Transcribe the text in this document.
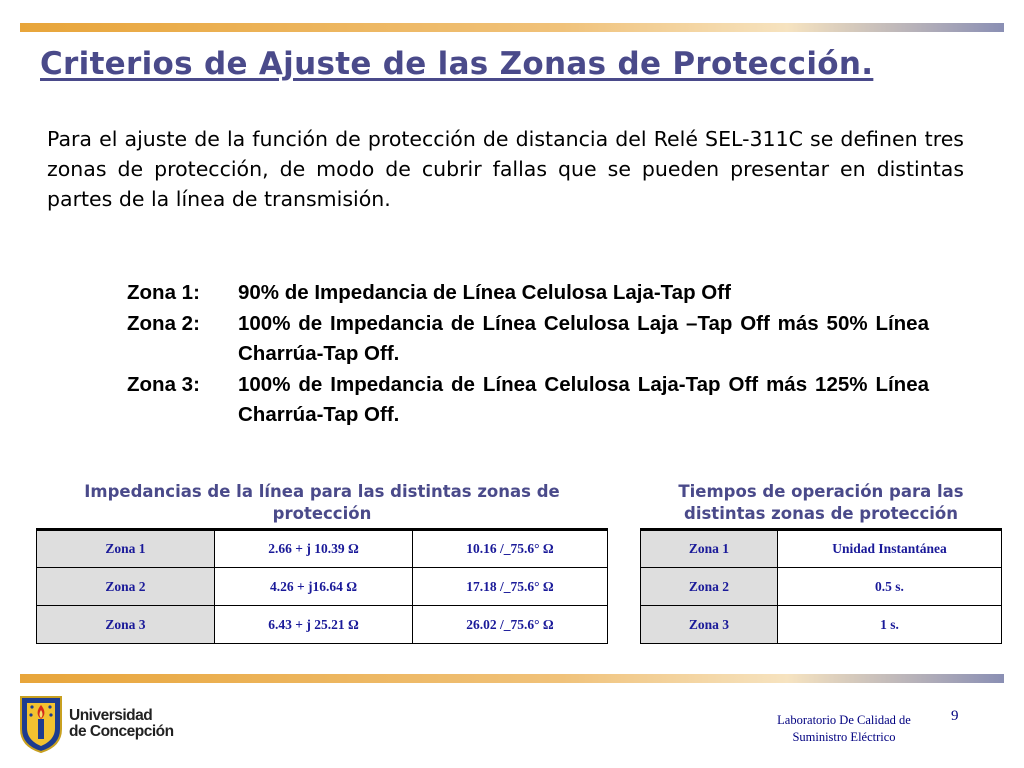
Criterios de Ajuste de las Zonas de Protección.

Para el ajuste de la función de protección de distancia del Relé SEL-311C se definen tres zonas de protección, de modo de cubrir fallas que se pueden presentar en distintas partes de la línea de transmisión.

Zona 1:	90% de Impedancia de Línea Celulosa Laja-Tap Off
Zona 2:	100% de Impedancia de Línea Celulosa Laja –Tap Off más 50% Línea Charrúa-Tap Off.
Zona 3:	100% de Impedancia de Línea Celulosa Laja-Tap Off más 125% Línea Charrúa-Tap Off.
Impedancias de la línea para las distintas zonas de protección
Zona 1	2.66 + j 10.39 Ω	10.16 /_75.6° Ω
Zona 2	4.26 + j16.64 Ω	17.18 /_75.6° Ω
Zona 3	6.43 + j 25.21 Ω	26.02 /_75.6° Ω
Tiempos de operación para las distintas zonas de protección
Zona 1	Unidad Instantánea
Zona 2	0.5 s.
Zona 3	1 s.
Universidad
de Concepción
Laboratorio De Calidad de
Suministro Eléctrico
9
